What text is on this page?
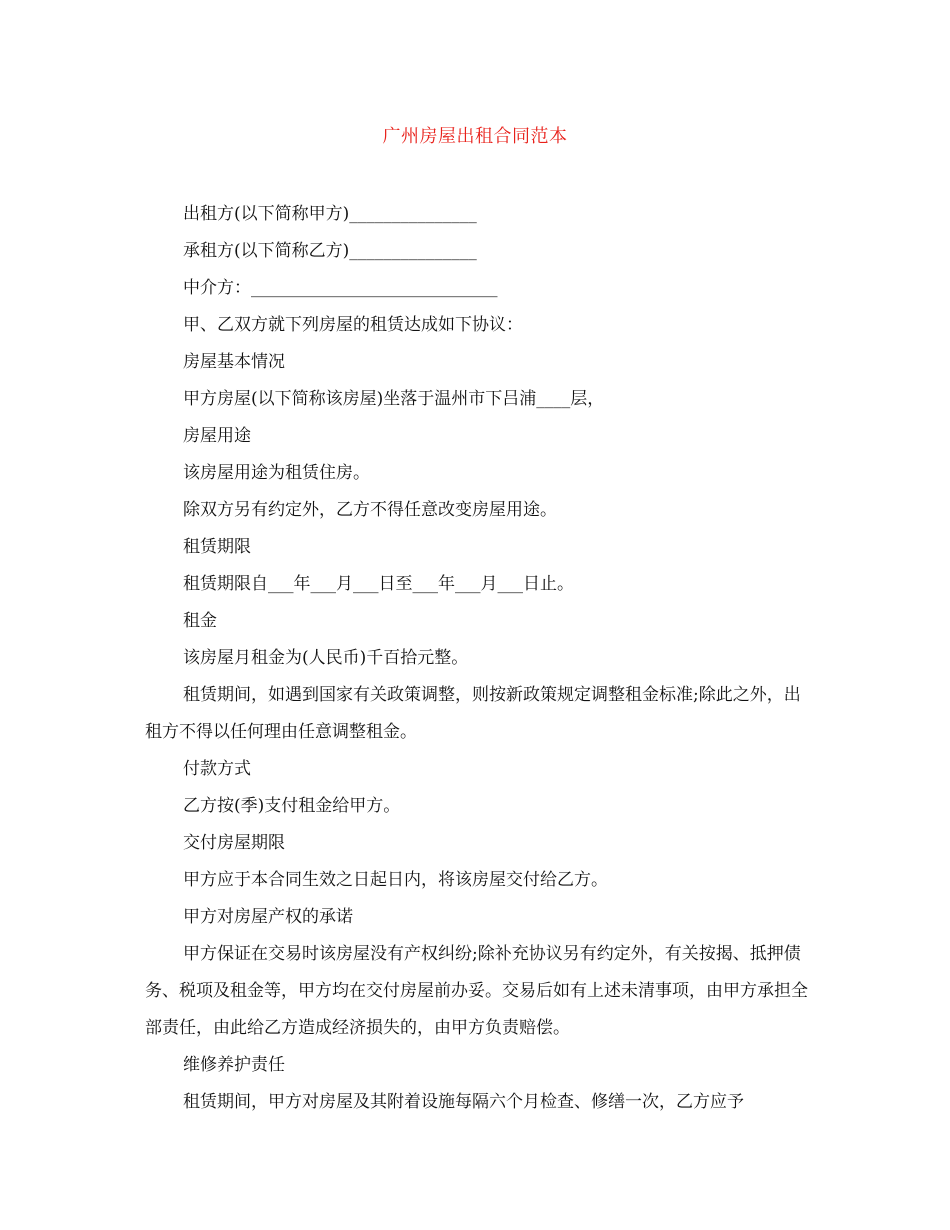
广州房屋出租合同范本

出租方(以下简称甲方)_______________

承租方(以下简称乙方)_______________

中介方：_____________________________

甲、乙双方就下列房屋的租赁达成如下协议：

房屋基本情况

甲方房屋(以下简称该房屋)坐落于温州市下吕浦____层，

房屋用途

该房屋用途为租赁住房。

除双方另有约定外，乙方不得任意改变房屋用途。

租赁期限

租赁期限自___年___月___日至___年___月___日止。

租金

该房屋月租金为(人民币)千百拾元整。

租赁期间，如遇到国家有关政策调整，则按新政策规定调整租金标准;除此之外，出租方不得以任何理由任意调整租金。

付款方式

乙方按(季)支付租金给甲方。

交付房屋期限

甲方应于本合同生效之日起日内，将该房屋交付给乙方。

甲方对房屋产权的承诺

甲方保证在交易时该房屋没有产权纠纷;除补充协议另有约定外，有关按揭、抵押债务、税项及租金等，甲方均在交付房屋前办妥。交易后如有上述未清事项，由甲方承担全部责任，由此给乙方造成经济损失的，由甲方负责赔偿。

维修养护责任

租赁期间，甲方对房屋及其附着设施每隔六个月检查、修缮一次，乙方应予
